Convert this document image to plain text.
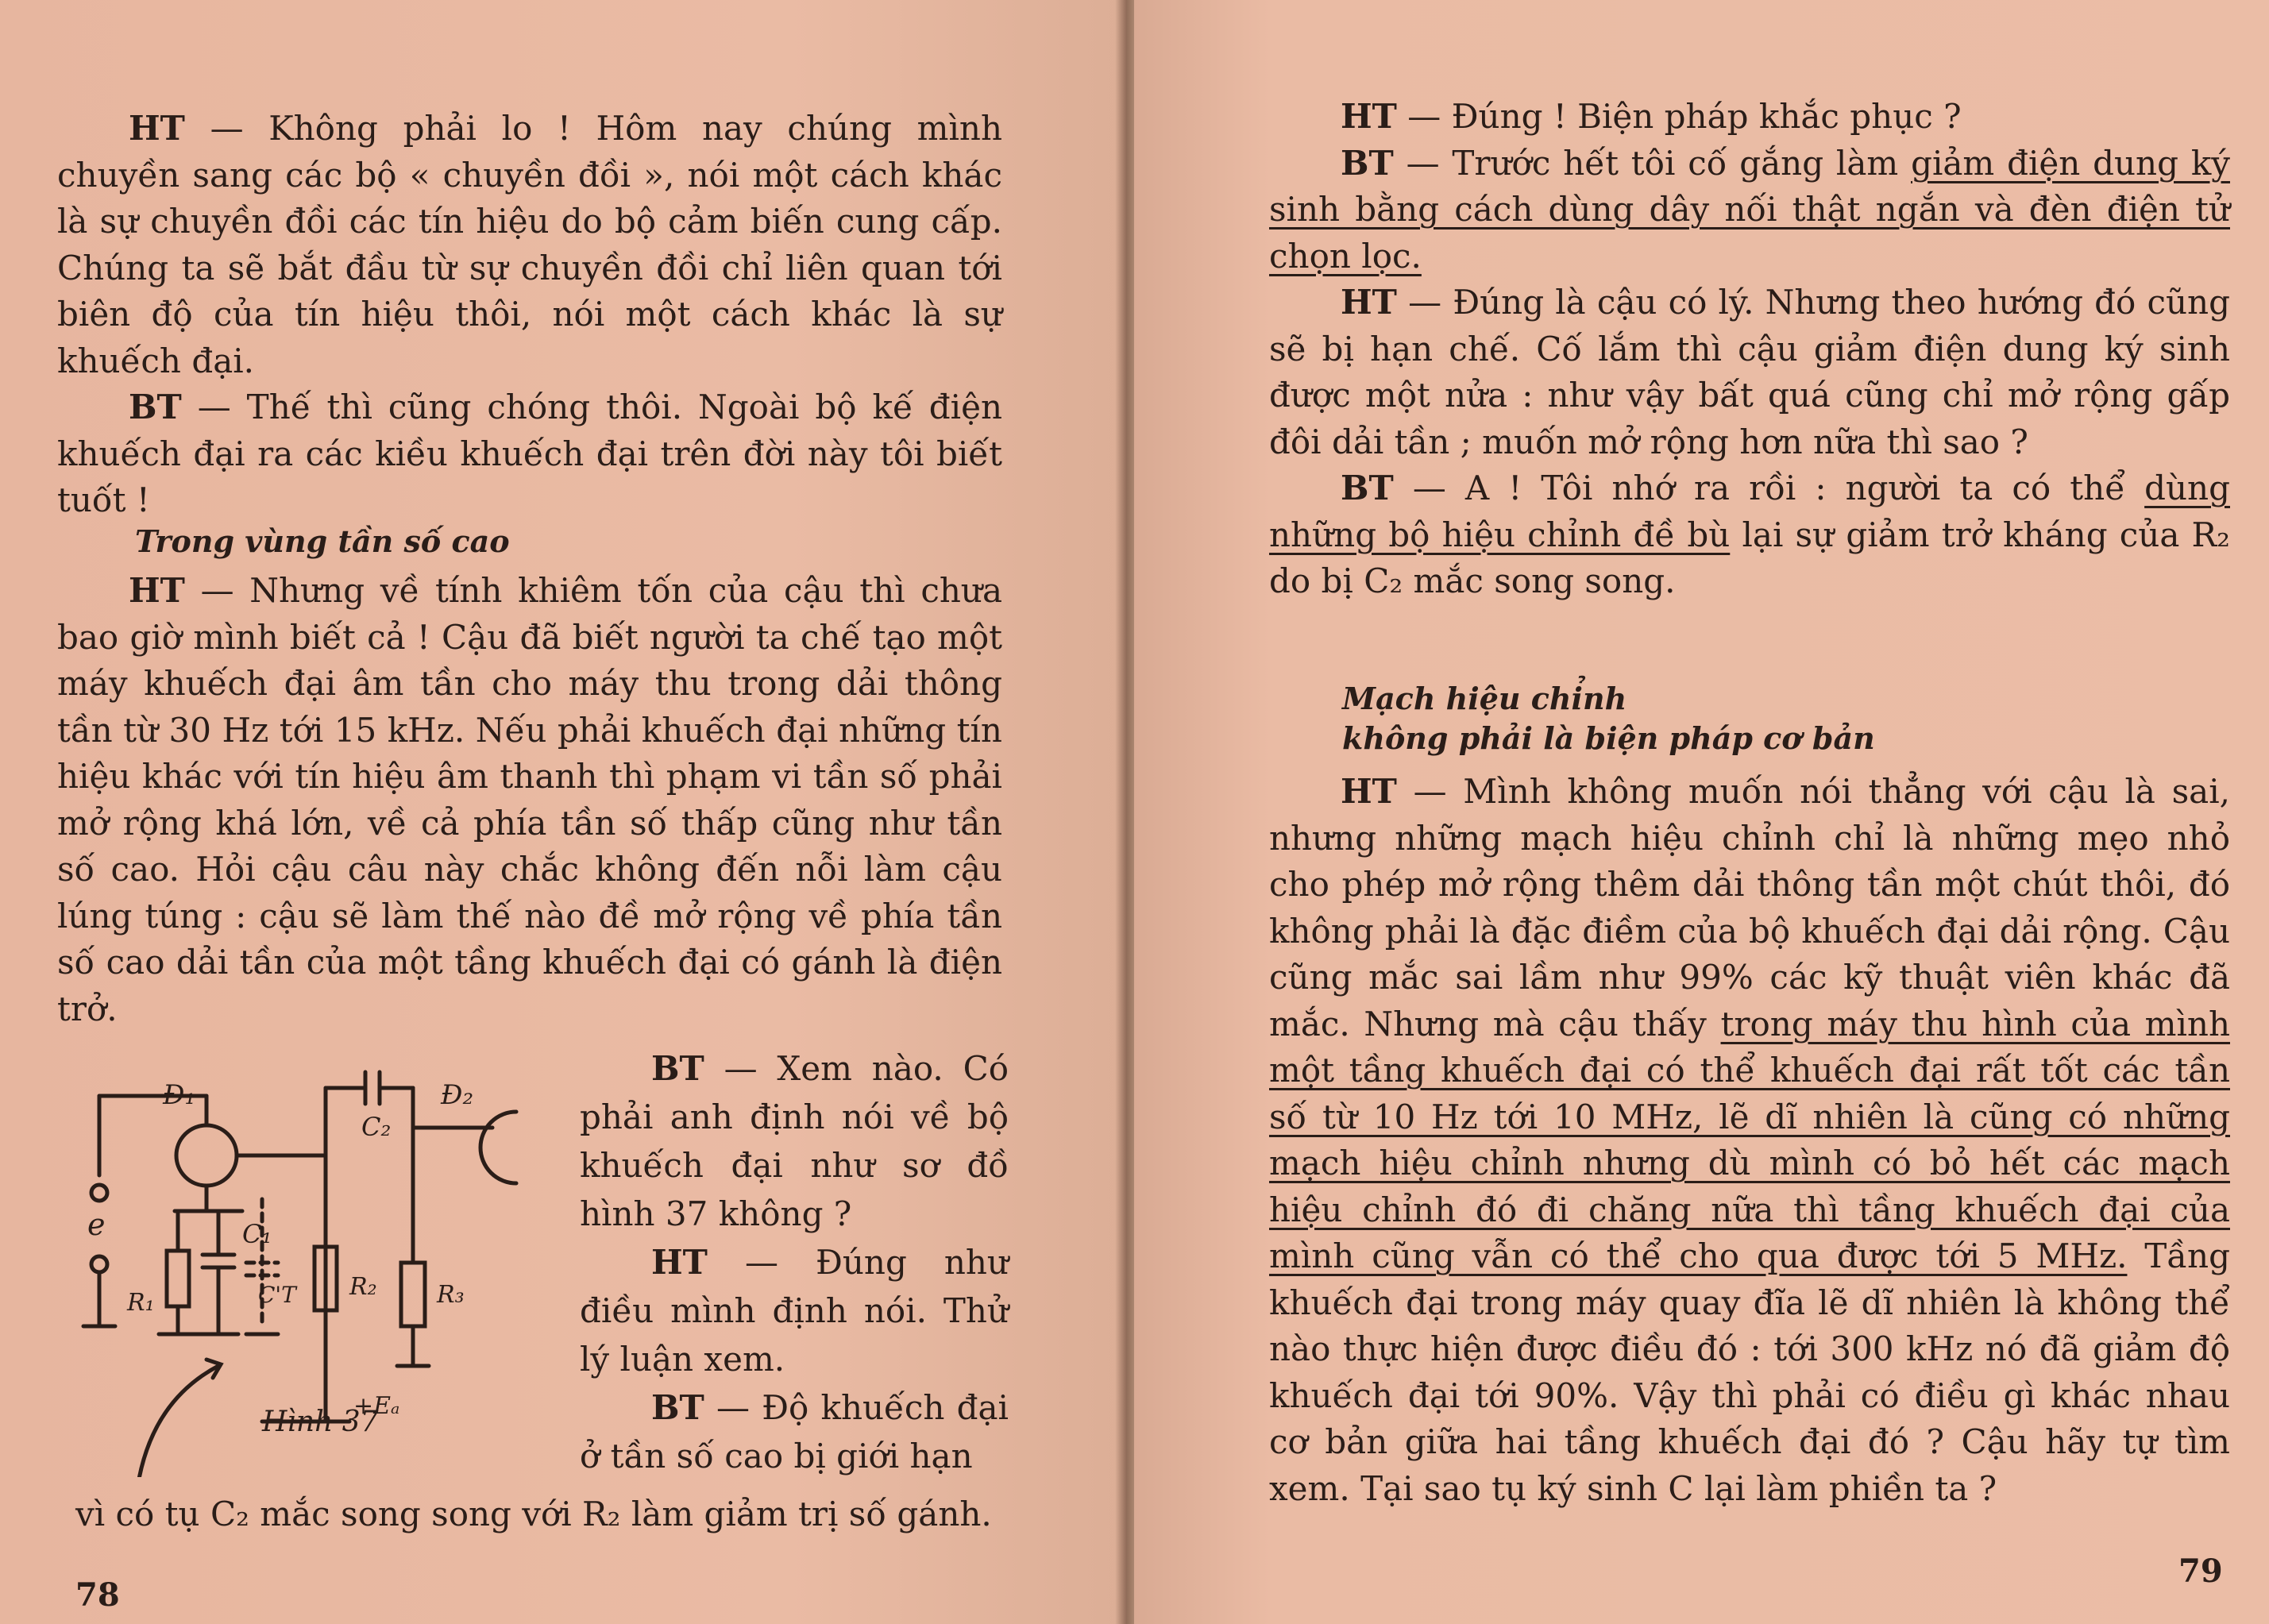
HT — Không phải lo ! Hôm nay chúng mình chuyền sang các bộ « chuyền đồi », nói một cách khác là sự chuyền đồi các tín hiệu do bộ cảm biến cung cấp. Chúng ta sẽ bắt đầu từ sự chuyền đồi chỉ liên quan tới biên độ của tín hiệu thôi, nói một cách khác là sự khuếch đại.

BT — Thế thì cũng chóng thôi. Ngoài bộ kế điện khuếch đại ra các kiều khuếch đại trên đời này tôi biết tuốt !

Trong vùng tần số cao

HT — Nhưng về tính khiêm tốn của cậu thì chưa bao giờ mình biết cả ! Cậu đã biết người ta chế tạo một máy khuếch đại âm tần cho máy thu trong dải thông tần từ 30 Hz tới 15 kHz. Nếu phải khuếch đại những tín hiệu khác với tín hiệu âm thanh thì phạm vi tần số phải mở rộng khá lớn, về cả phía tần số thấp cũng như tần số cao. Hỏi cậu câu này chắc không đến nỗi làm cậu lúng túng : cậu sẽ làm thế nào đề mở rộng về phía tần số cao dải tần của một tầng khuếch đại có gánh là điện trở.

Đ₁	Đ₂
C₂
C₁
C'T
R₁
R₂	R₃
e
+Eₐ
Hình 37

BT — Xem nào. Có phải anh định nói về bộ khuếch đại như sơ đồ hình 37 không ?

HT — Đúng như điều mình định nói. Thử lý luận xem.

BT — Độ khuếch đại ở tần số cao bị giới hạn

vì có tụ C₂ mắc song song với R₂ làm giảm trị số gánh.
78

HT — Đúng ! Biện pháp khắc phục ?

BT — Trước hết tôi cố gắng làm giảm điện dung ký sinh bằng cách dùng dây nối thật ngắn và đèn điện tử chọn lọc.

HT — Đúng là cậu có lý. Nhưng theo hướng đó cũng sẽ bị hạn chế. Cố lắm thì cậu giảm điện dung ký sinh được một nửa : như vậy bất quá cũng chỉ mở rộng gấp đôi dải tần ; muốn mở rộng hơn nữa thì sao ?

BT — A ! Tôi nhớ ra rồi : người ta có thể dùng những bộ hiệu chỉnh đề bù lại sự giảm trở kháng của R₂ do bị C₂ mắc song song.

Mạch hiệu chỉnh
không phải là biện pháp cơ bản

HT — Mình không muốn nói thẳng với cậu là sai, nhưng những mạch hiệu chỉnh chỉ là những mẹo nhỏ cho phép mở rộng thêm dải thông tần một chút thôi, đó không phải là đặc điềm của bộ khuếch đại dải rộng. Cậu cũng mắc sai lầm như 99% các kỹ thuật viên khác đã mắc. Nhưng mà cậu thấy trong máy thu hình của mình một tầng khuếch đại có thể khuếch đại rất tốt các tần số từ 10 Hz tới 10 MHz, lẽ dĩ nhiên là cũng có những mạch hiệu chỉnh nhưng dù mình có bỏ hết các mạch hiệu chỉnh đó đi chăng nữa thì tầng khuếch đại của mình cũng vẫn có thể cho qua được tới 5 MHz. Tầng khuếch đại trong máy quay đĩa lẽ dĩ nhiên là không thể nào thực hiện được điều đó : tới 300 kHz nó đã giảm độ khuếch đại tới 90%. Vậy thì phải có điều gì khác nhau cơ bản giữa hai tầng khuếch đại đó ? Cậu hãy tự tìm xem. Tại sao tụ ký sinh C lại làm phiền ta ?

79
